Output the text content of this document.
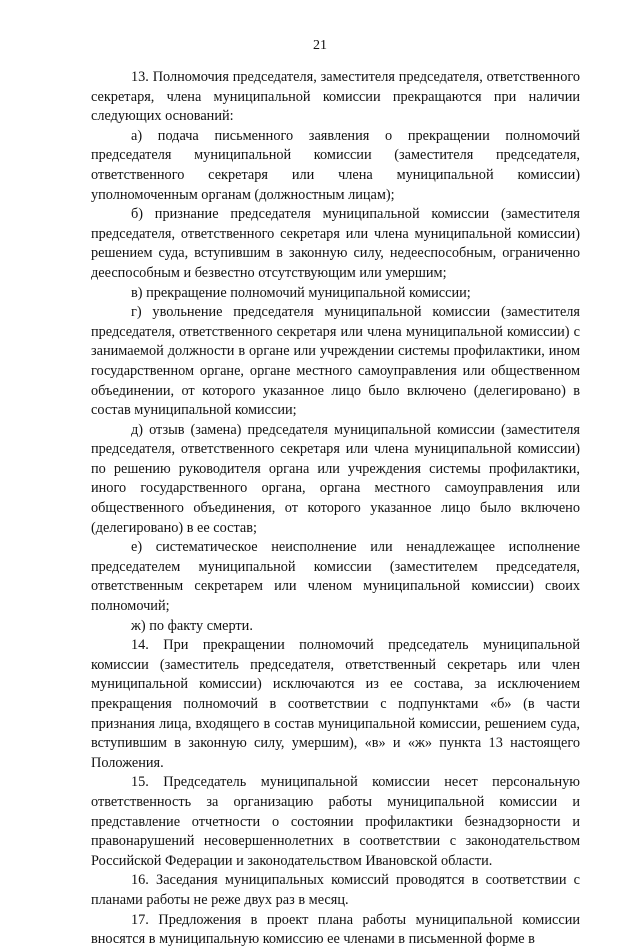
21

13. Полномочия председателя, заместителя председателя, ответственного секретаря, члена муниципальной комиссии прекращаются при наличии следующих оснований:

а) подача письменного заявления о прекращении полномочий председателя муниципальной комиссии (заместителя председателя, ответственного секретаря или члена муниципальной комиссии) уполномоченным органам (должностным лицам);

б) признание председателя муниципальной комиссии (заместителя председателя, ответственного секретаря или члена муниципальной комиссии) решением суда, вступившим в законную силу, недееспособным, ограниченно дееспособным и безвестно отсутствующим или умершим;

в) прекращение полномочий муниципальной комиссии;

г) увольнение председателя муниципальной комиссии (заместителя председателя, ответственного секретаря или члена муниципальной комиссии) с занимаемой должности в органе или учреждении системы профилактики, ином государственном органе, органе местного самоуправления или общественном объединении, от которого указанное лицо было включено (делегировано) в состав муниципальной комиссии;

д) отзыв (замена) председателя муниципальной комиссии (заместителя председателя, ответственного секретаря или члена муниципальной комиссии) по решению руководителя органа или учреждения системы профилактики, иного государственного органа, органа местного самоуправления или общественного объединения, от которого указанное лицо было включено (делегировано) в ее состав;

е) систематическое неисполнение или ненадлежащее исполнение председателем муниципальной комиссии (заместителем председателя, ответственным секретарем или членом муниципальной комиссии) своих полномочий;

ж) по факту смерти.

14. При прекращении полномочий председатель муниципальной комиссии (заместитель председателя, ответственный секретарь или член муниципальной комиссии) исключаются из ее состава, за исключением прекращения полномочий в соответствии с подпунктами «б» (в части признания лица, входящего в состав муниципальной комиссии, решением суда, вступившим в законную силу, умершим), «в» и «ж» пункта 13 настоящего Положения.

15. Председатель муниципальной комиссии несет персональную ответственность за организацию работы муниципальной комиссии и представление отчетности о состоянии профилактики безнадзорности и правонарушений несовершеннолетних в соответствии с законодательством Российской Федерации и законодательством Ивановской области.

16. Заседания муниципальных комиссий проводятся в соответствии с планами работы не реже двух раз в месяц.

17. Предложения в проект плана работы муниципальной комиссии вносятся в муниципальную комиссию ее членами в письменной форме в
